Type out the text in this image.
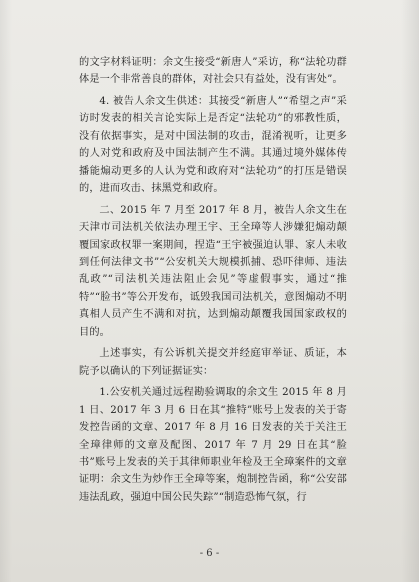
的文字材料证明：余文生接受“新唐人”采访，称“法轮功群体是一个非常善良的群体，对社会只有益处，没有害处”。

4. 被告人余文生供述：其接受“新唐人”“希望之声”采访时发表的相关言论实际上是否定“法轮功”的邪教性质，没有依据事实，是对中国法制的攻击，混淆视听，让更多的人对党和政府及中国法制产生不满。其通过境外媒体传播能煽动更多的人认为党和政府对“法轮功”的打压是错误的，进而攻击、抹黑党和政府。

二、2015 年 7 月至 2017 年 8 月，被告人余文生在天津市司法机关依法办理王宇、王全璋等人涉嫌犯煽动颠覆国家政权罪一案期间，捏造“王宇被强迫认罪、家人未收到任何法律文书”“公安机关大规模抓捕、恐吓律师、违法乱政”“司法机关违法阻止会见”等虚假事实，通过“推特”“脸书”等公开发布，诋毁我国司法机关，意图煽动不明真相人员产生不满和对抗，达到煽动颠覆我国国家政权的目的。

上述事实，有公诉机关提交并经庭审举证、质证，本院予以确认的下列证据证实：

1.公安机关通过远程勘验调取的余文生 2015 年 8 月 1 日、2017 年 3 月 6 日在其“推特”账号上发表的关于寄发控告函的文章、2017 年 8 月 16 日发表的关于关注王全璋律师的文章及配图、2017 年 7 月 29 日在其“脸书”账号上发表的关于其律师职业年检及王全璋案件的文章证明：余文生为炒作王全璋等案，炮制控告函，称“公安部违法乱政，强迫中国公民失踪”“制造恐怖气氛，行

- 6 -
